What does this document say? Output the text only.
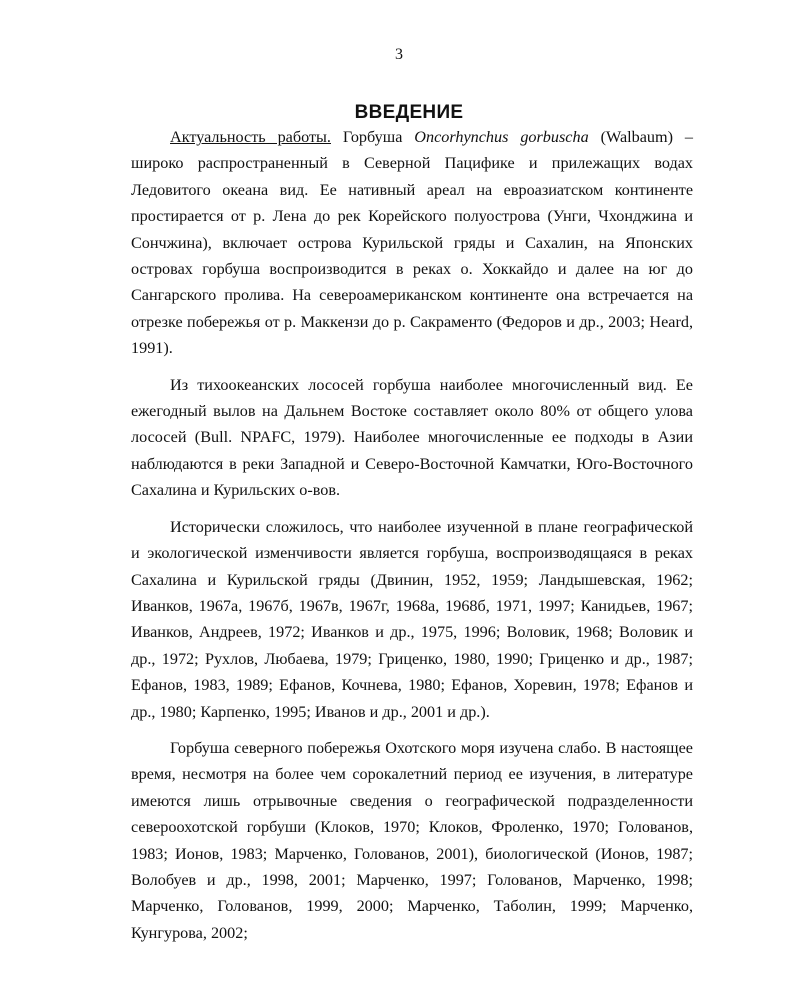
3
ВВЕДЕНИЕ

Актуальность работы. Горбуша Oncorhynchus gorbuscha (Walbaum) – широко распространенный в Северной Пацифике и прилежащих водах Ледовитого океана вид. Ее нативный ареал на евроазиатском континенте простирается от р. Лена до рек Корейского полуострова (Унги, Чхонджина и Сончжина), включает острова Курильской гряды и Сахалин, на Японских островах горбуша воспроизводится в реках о. Хоккайдо и далее на юг до Сангарского пролива. На североамериканском континенте она встречается на отрезке побережья от р. Маккензи до р. Сакраменто (Федоров и др., 2003; Heard, 1991).

Из тихоокеанских лососей горбуша наиболее многочисленный вид. Ее ежегодный вылов на Дальнем Востоке составляет около 80% от общего улова лососей (Bull. NPAFC, 1979). Наиболее многочисленные ее подходы в Азии наблюдаются в реки Западной и Северо-Восточной Камчатки, Юго-Восточного Сахалина и Курильских о-вов.

Исторически сложилось, что наиболее изученной в плане географической и экологической изменчивости является горбуша, воспроизводящаяся в реках Сахалина и Курильской гряды (Двинин, 1952, 1959; Ландышевская, 1962; Иванков, 1967а, 1967б, 1967в, 1967г, 1968а, 1968б, 1971, 1997; Канидьев, 1967; Иванков, Андреев, 1972; Иванков и др., 1975, 1996; Воловик, 1968; Воловик и др., 1972; Рухлов, Любаева, 1979; Гриценко, 1980, 1990; Гриценко и др., 1987; Ефанов, 1983, 1989; Ефанов, Кочнева, 1980; Ефанов, Хоревин, 1978; Ефанов и др., 1980; Карпенко, 1995; Иванов и др., 2001 и др.).

Горбуша северного побережья Охотского моря изучена слабо. В настоящее время, несмотря на более чем сорокалетний период ее изучения, в литературе имеются лишь отрывочные сведения о географической подразделенности североохотской горбуши (Клоков, 1970; Клоков, Фроленко, 1970; Голованов, 1983; Ионов, 1983; Марченко, Голованов, 2001), биологической (Ионов, 1987; Волобуев и др., 1998, 2001; Марченко, 1997; Голованов, Марченко, 1998; Марченко, Голованов, 1999, 2000; Марченко, Таболин, 1999; Марченко, Кунгурова, 2002;
